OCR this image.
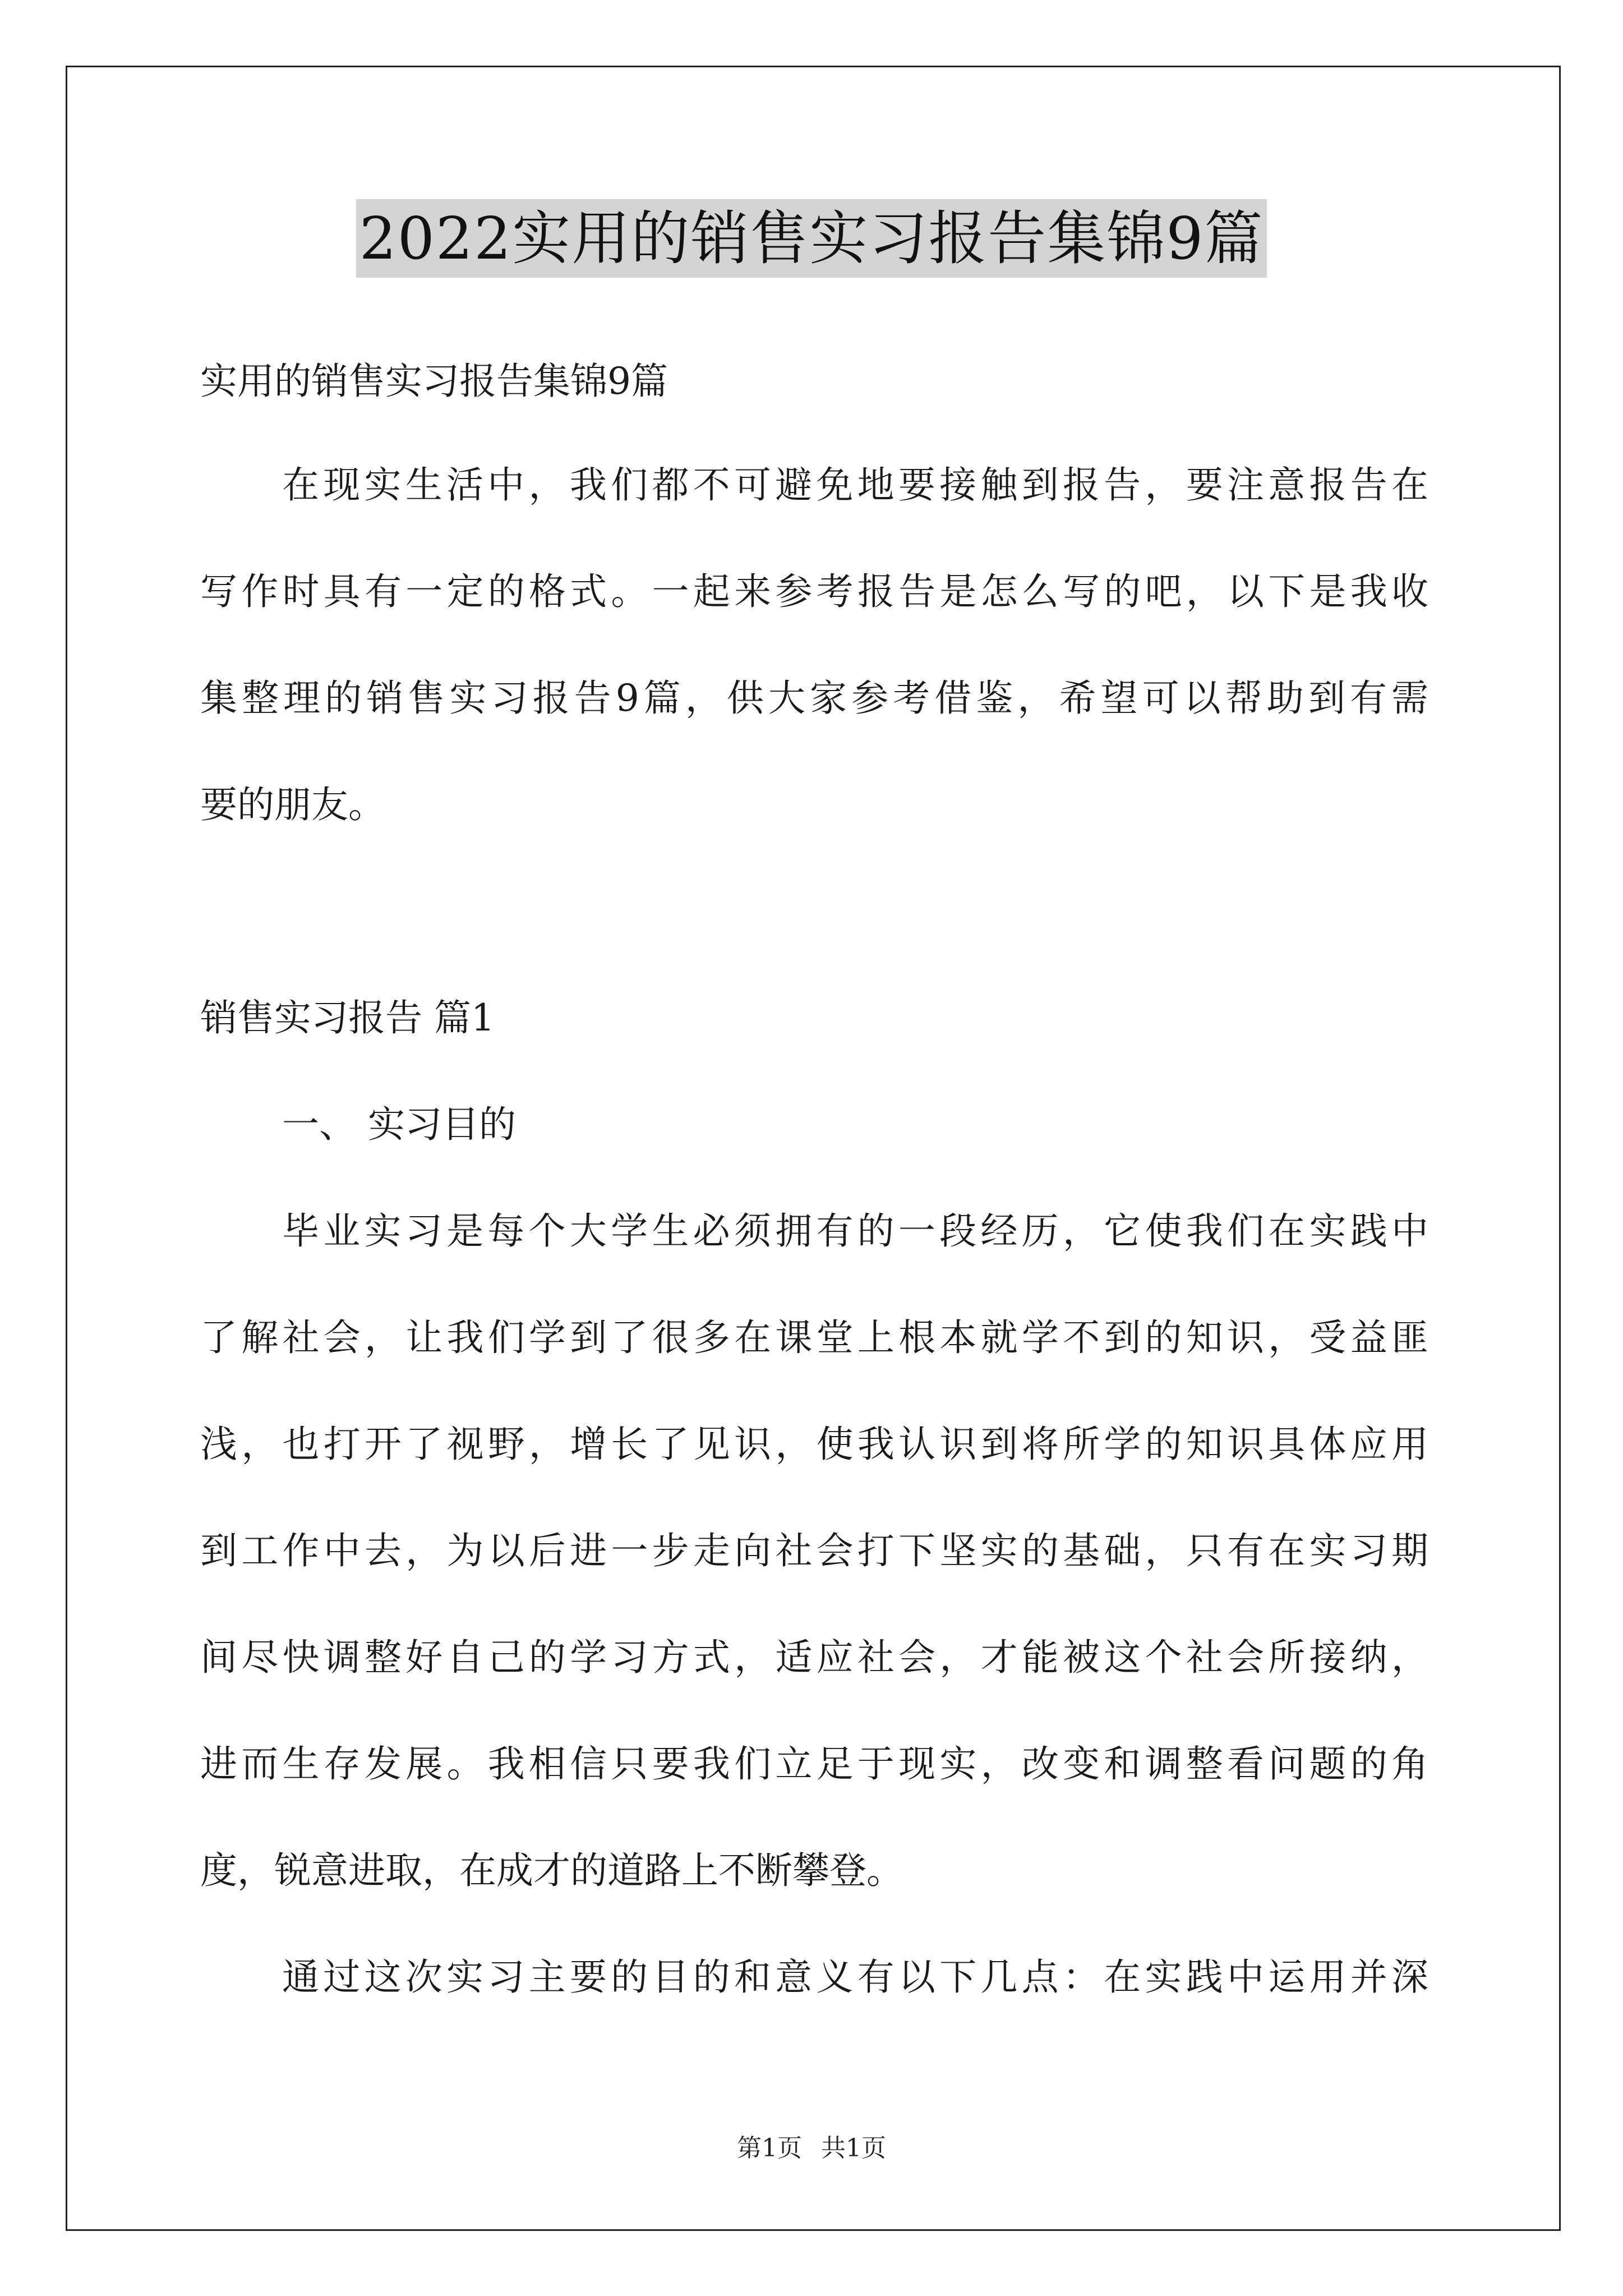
2022实用的销售实习报告集锦9篇
实用的销售实习报告集锦9篇
在现实生活中，我们都不可避免地要接触到报告，要注意报告在
写作时具有一定的格式。一起来参考报告是怎么写的吧，以下是我收
集整理的销售实习报告9篇，供大家参考借鉴，希望可以帮助到有需
要的朋友。
销售实习报告 篇1
一、 实习目的
毕业实习是每个大学生必须拥有的一段经历，它使我们在实践中
了解社会，让我们学到了很多在课堂上根本就学不到的知识，受益匪
浅，也打开了视野，增长了见识，使我认识到将所学的知识具体应用
到工作中去，为以后进一步走向社会打下坚实的基础，只有在实习期
间尽快调整好自己的学习方式，适应社会，才能被这个社会所接纳，
进而生存发展。我相信只要我们立足于现实，改变和调整看问题的角
度，锐意进取，在成才的道路上不断攀登。
通过这次实习主要的目的和意义有以下几点：在实践中运用并深
第1页 共1页
